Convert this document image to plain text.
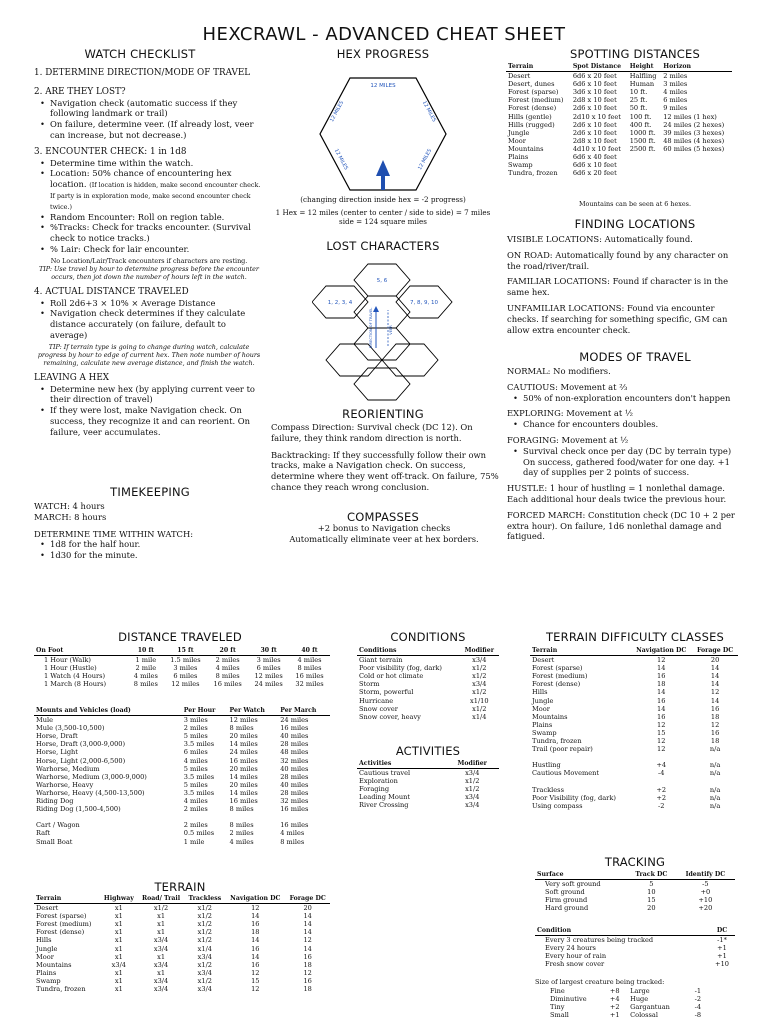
HEXCRAWL - ADVANCED CHEAT SHEET
WATCH CHECKLIST

1. DETERMINE DIRECTION/MODE OF TRAVEL

2. ARE THEY LOST?

• Navigation check (automatic success if they following landmark or trail)
• On failure, determine veer. (If already lost, veer can increase, but not decrease.)

3. ENCOUNTER CHECK: 1 in 1d8

• Determine time within the watch.
• Location: 50% chance of encountering hex location. (If location is hidden, make second encounter check. If party is in exploration mode, make second encounter check twice.)
• Random Encounter: Roll on region table.
• %Tracks: Check for tracks encounter. (Survival check to notice tracks.)
• % Lair: Check for lair encounter.

No Location/Lair/Track encounters if characters are resting.

TIP: Use travel by hour to determine progress before the encounter occurs, then jot down the number of hours left in the watch.

4. ACTUAL DISTANCE TRAVELED

• Roll 2d6+3 × 10% × Average Distance
• Navigation check determines if they calculate distance accurately (on failure, default to average)

TIP: If terrain type is going to change during watch, calculate progress by hour to edge of current hex. Then note number of hours remaining, calculate new average distance, and finish the watch.

LEAVING A HEX

• Determine new hex (by applying current veer to their direction of travel)
• If they were lost, make Navigation check. On success, they recognize it and can reorient. On failure, veer accumulates.
TIMEKEEPING

WATCH: 4 hours

MARCH: 8 hours

DETERMINE TIME WITHIN WATCH:

• 1d8 for the half hour.
• 1d30 for the minute.
HEX PROGRESS
12 MILES
12 MILES	12 MILES
12 MILES	12 MILES

(changing direction inside hex = -2 progress)

1 Hex = 12 miles (center to center / side to side) = 7 miles side = 124 square miles

LOST CHARACTERS
5, 6
1, 2, 3, 4	7, 8, 9, 10
DIRECTION OF TRAVEL	VEER
REORIENTING

Compass Direction: Survival check (DC 12). On failure, they think random direction is north.

Backtracking: If they successfully follow their own tracks, make a Navigation check. On success, determine where they went off-track. On failure, 75% chance they reach wrong conclusion.

COMPASSES

+2 bonus to Navigation checks

Automatically eliminate veer at hex borders.

SPOTTING DISTANCES
Terrain	Spot Distance	Height	Horizon
Desert	6d6 x 20 feet	Halfling	2 miles
Desert, dunes	6d6 x 10 feet	Human	3 miles
Forest (sparse)	3d6 x 10 feet	10 ft.	4 miles
Forest (medium)	2d8 x 10 feet	25 ft.	6 miles
Forest (dense)	2d6 x 10 feet	50 ft.	9 miles
Hills (gentle)	2d10 x 10 feet	100 ft.	12 miles (1 hex)
Hills (rugged)	2d6 x 10 feet	400 ft.	24 miles (2 hexes)
Jungle	2d6 x 10 feet	1000 ft.	39 miles (3 hexes)
Moor	2d8 x 10 feet	1500 ft.	48 miles (4 hexes)
Mountains	4d10 x 10 feet	2500 ft.	60 miles (5 hexes)
Plains	6d6 x 40 feet		
Swamp	6d6 x 10 feet		
Tundra, frozen	6d6 x 20 feet		
Mountains can be seen at 6 hexes.
FINDING LOCATIONS

VISIBLE LOCATIONS: Automatically found.

ON ROAD: Automatically found by any character on the road/river/trail.

FAMILIAR LOCATIONS: Found if character is in the same hex.

UNFAMILIAR LOCATIONS: Found via encounter checks. If searching for something specific, GM can allow extra encounter check.

MODES OF TRAVEL

NORMAL: No modifiers.

CAUTIOUS: Movement at ⅔

• 50% of non-exploration encounters don't happen

EXPLORING: Movement at ½

• Chance for encounters doubles.

FORAGING: Movement at ½

• Survival check once per day (DC by terrain type) On success, gathered food/water for one day. +1 day of supplies per 2 points of success.

HUSTLE: 1 hour of hustling = 1 nonlethal damage. Each additional hour deals twice the previous hour.

FORCED MARCH: Constitution check (DC 10 + 2 per extra hour). On failure, 1d6 nonlethal damage and fatigued.

DISTANCE TRAVELED
On Foot	10 ft	15 ft	20 ft	30 ft	40 ft
1 Hour (Walk)	1 mile	1.5 miles	2 miles	3 miles	4 miles
1 Hour (Hustle)	2 mile	3 miles	4 miles	6 miles	8 miles
1 Watch (4 Hours)	4 miles	6 miles	8 miles	12 miles	16 miles
1 March (8 Hours)	8 miles	12 miles	16 miles	24 miles	32 miles
Mounts and Vehicles (load)	Per Hour	Per Watch	Per March
Mule	3 miles	12 miles	24 miles
Mule (3,500-10,500)	2 miles	8 miles	16 miles
Horse, Draft	5 miles	20 miles	40 miles
Horse, Draft (3,000-9,000)	3.5 miles	14 miles	28 miles
Horse, Light	6 miles	24 miles	48 miles
Horse, Light (2,000-6,500)	4 miles	16 miles	32 miles
Warhorse, Medium	5 miles	20 miles	40 miles
Warhorse, Medium (3,000-9,000)	3.5 miles	14 miles	28 miles
Warhorse, Heavy	5 miles	20 miles	40 miles
Warhorse, Heavy (4,500-13,500)	3.5 miles	14 miles	28 miles
Riding Dog	4 miles	16 miles	32 miles
Riding Dog (1,500-4,500)	2 miles	8 miles	16 miles

Cart / Wagon	2 miles	8 miles	16 miles
Raft	0.5 miles	2 miles	4 miles
Small Boat	1 mile	4 miles	8 miles
TERRAIN
Terrain	Highway	Road/ Trail	Trackless	Navigation DC	Forage DC
Desert	x1	x1/2	x1/2	12	20
Forest (sparse)	x1	x1	x1/2	14	14
Forest (medium)	x1	x1	x1/2	16	14
Forest (dense)	x1	x1	x1/2	18	14
Hills	x1	x3/4	x1/2	14	12
Jungle	x1	x3/4	x1/4	16	14
Moor	x1	x1	x3/4	14	16
Mountains	x3/4	x3/4	x1/2	16	18
Plains	x1	x1	x3/4	12	12
Swamp	x1	x3/4	x1/2	15	16
Tundra, frozen	x1	x3/4	x3/4	12	18
CONDITIONS
Conditions	Modifier
Giant terrain	x3/4
Poor visibility (fog, dark)	x1/2
Cold or hot climate	x1/2
Storm	x3/4
Storm, powerful	x1/2
Hurricane	x1/10
Snow cover	x1/2
Snow cover, heavy	x1/4
ACTIVITIES
Activities	Modifier
Cautious travel	x3/4
Exploration	x1/2
Foraging	x1/2
Leading Mount	x3/4
River Crossing	x3/4
TERRAIN DIFFICULTY CLASSES
Terrain	Navigation DC	Forage DC
Desert	12	20
Forest (sparse)	14	14
Forest (medium)	16	14
Forest (dense)	18	14
Hills	14	12
Jungle	16	14
Moor	14	16
Mountains	16	18
Plains	12	12
Swamp	15	16
Tundra, frozen	12	18
Trail (poor repair)	12	n/a

Hustling	+4	n/a
Cautious Movement	-4	n/a

Trackless	+2	n/a
Poor Visibility (fog, dark)	+2	n/a
Using compass	-2	n/a
TRACKING
Surface	Track DC	Identify DC
Very soft ground	5	-5
Soft ground	10	+0
Firm ground	15	+10
Hard ground	20	+20
Condition	DC
Every 3 creatures being tracked	-1*
Every 24 hours	+1
Every hour of rain	+1
Fresh snow cover	+10
Size of largest creature being tracked:
Fine	+8	Large	-1
Diminutive	+4	Huge	-2
Tiny	+2	Gargantuan	-4
Small	+1	Colossal	-8
